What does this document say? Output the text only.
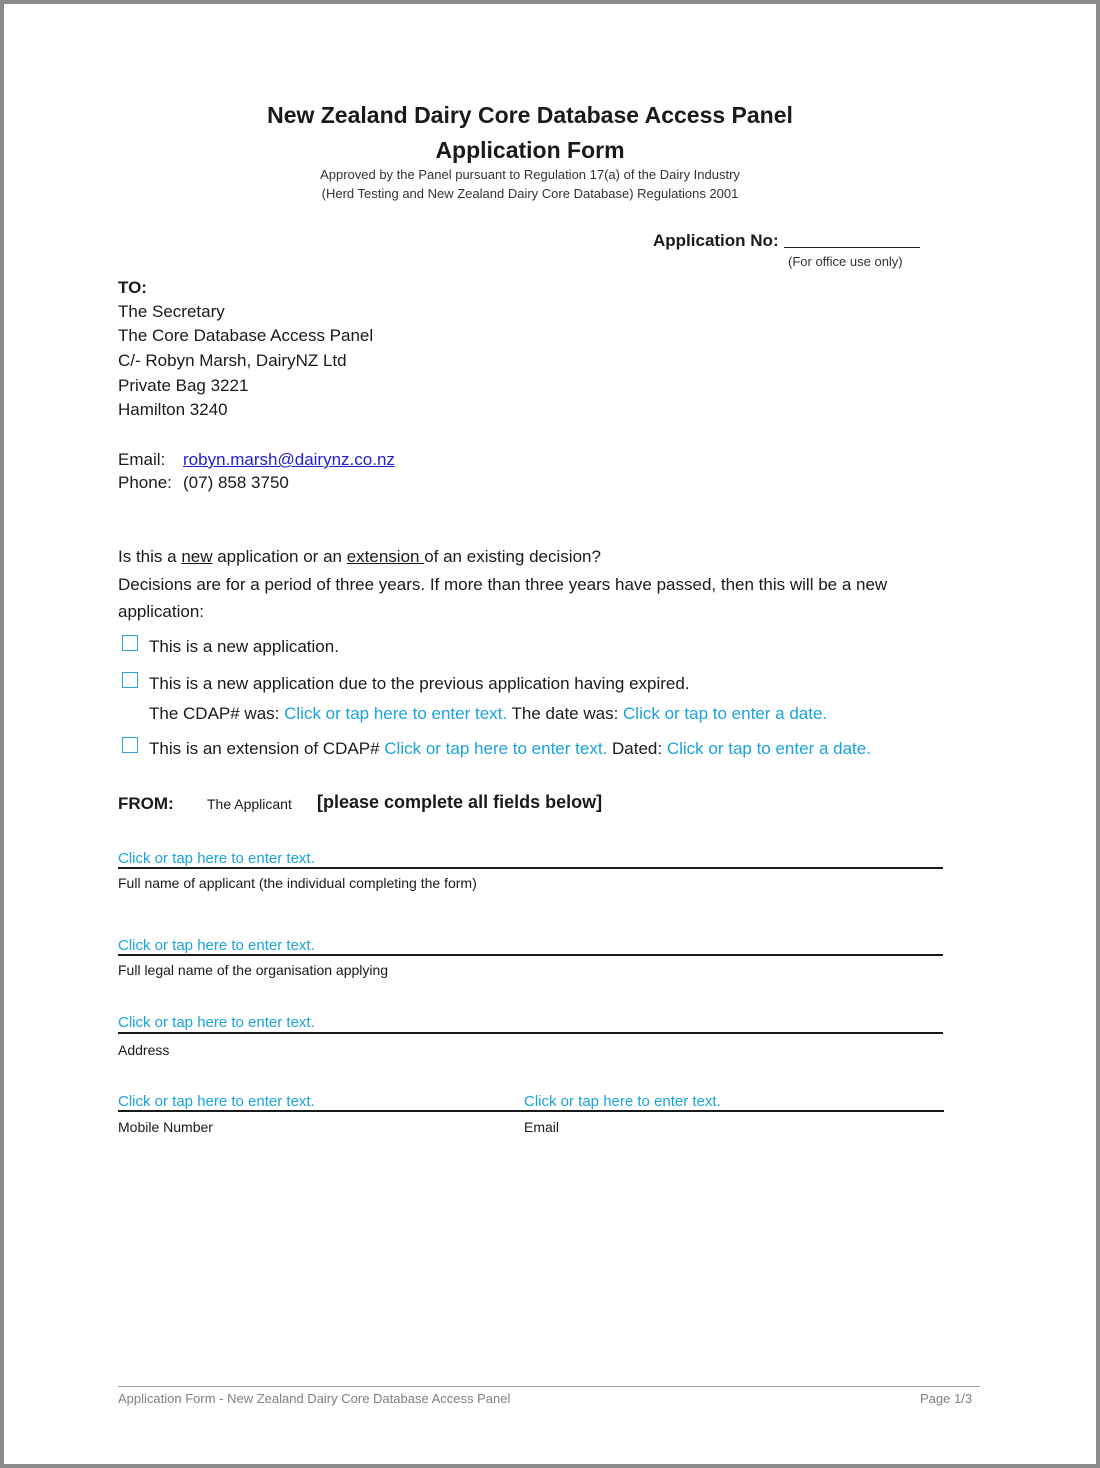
New Zealand Dairy Core Database Access Panel
Application Form
Approved by the Panel pursuant to Regulation 17(a) of the Dairy Industry
(Herd Testing and New Zealand Dairy Core Database) Regulations 2001
Application No:
(For office use only)
TO:
The Secretary
The Core Database Access Panel
C/- Robyn Marsh, DairyNZ Ltd
Private Bag 3221
Hamilton 3240
Email: robyn.marsh@dairynz.co.nz
Phone: (07) 858 3750
Is this a new application or an extension of an existing decision?
Decisions are for a period of three years. If more than three years have passed, then this will be a new
application:
This is a new application.
This is a new application due to the previous application having expired.
The CDAP# was: Click or tap here to enter text. The date was: Click or tap to enter a date.
This is an extension of CDAP# Click or tap here to enter text. Dated: Click or tap to enter a date.
FROM: The Applicant [please complete all fields below]
Click or tap here to enter text.
Full name of applicant (the individual completing the form)
Click or tap here to enter text.
Full legal name of the organisation applying
Click or tap here to enter text.
Address
Click or tap here to enter text.	Click or tap here to enter text.
Mobile Number	Email
Application Form - New Zealand Dairy Core Database Access Panel	Page 1/3
